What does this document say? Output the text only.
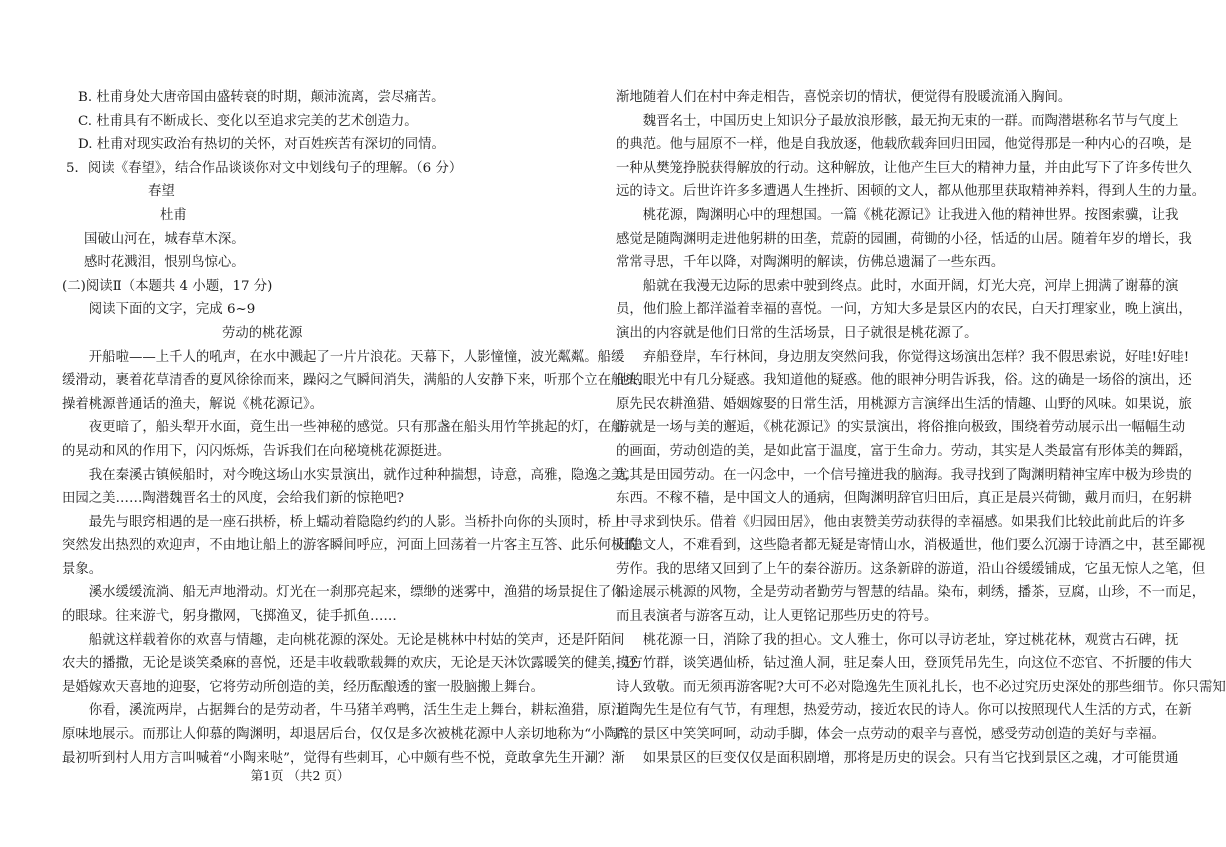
B. 杜甫身处大唐帝国由盛转衰的时期，颠沛流离，尝尽痛苦。
C. 杜甫具有不断成长、变化以至追求完美的艺术创造力。
D. 杜甫对现实政治有热切的关怀，对百姓疾苦有深切的同情。
5．阅读《春望》，结合作品谈谈你对文中划线句子的理解。（6 分）
春望
杜甫
国破山河在，城春草木深。
感时花溅泪，恨别鸟惊心。
(二)阅读Ⅱ（本题共 4 小题，17 分)
阅读下面的文字，完成 6~9
劳动的桃花源
开船啦——上千人的吼声，在水中溅起了一片片浪花。天幕下，人影憧憧，波光粼粼。船缓
缓滑动，裹着花草清香的夏风徐徐而来，躁闷之气瞬间消失，满船的人安静下来，听那个立在船头、
操着桃源普通话的渔夫，解说《桃花源记》。
夜更暗了，船头犁开水面，竟生出一些神秘的感觉。只有那盏在船头用竹竿挑起的灯，在船
的晃动和风的作用下，闪闪烁烁，告诉我们在向秘境桃花源挺进。
我在秦溪古镇候船时，对今晚这场山水实景演出，就作过种种揣想，诗意，高雅，隐逸之美，
田园之美……陶潜魏晋名士的风度，会给我们新的惊艳吧?
最先与眼窍相遇的是一座石拱桥，桥上蠕动着隐隐约约的人影。当桥扑向你的头顶时，桥上
突然发出热烈的欢迎声，不由地让船上的游客瞬间呼应，河面上回荡着一片客主互答、此乐何极的
景象。
溪水缓缓流淌、船无声地滑动。灯光在一刹那亮起来，缥缈的迷雾中，渔猎的场景捉住了你
的眼球。往来游弋，躬身撒网，飞掷渔叉，徒手抓鱼……
船就这样载着你的欢喜与情趣，走向桃花源的深处。无论是桃林中村姑的笑声，还是阡陌间
农夫的播撒，无论是谈笑桑麻的喜悦，还是丰收载歌载舞的欢庆，无论是天沐饮露暖笑的健美，还
是婚嫁欢天喜地的迎娶，它将劳动所创造的美，经历酝酿透的蜜一股脑搬上舞台。
你看，溪流两岸，占据舞台的是劳动者，牛马猪羊鸡鸭，活生生走上舞台，耕耘渔猎，原汁
原味地展示。而那让人仰慕的陶渊明，却退居后台，仅仅是多次被桃花源中人亲切地称为“小陶”。
最初听到村人用方言叫喊着“小陶来哒”，觉得有些刺耳，心中颇有些不悦，竟敢拿先生开涮？渐
渐地随着人们在村中奔走相告，喜悦亲切的情状，便觉得有股暖流涌入胸间。
魏晋名士，中国历史上知识分子最放浪形骸，最无拘无束的一群。而陶潜堪称名节与气度上
的典范。他与屈原不一样，他是自我放逐，他载欣载奔回归田园，他觉得那是一种内心的召唤，是
一种从樊笼挣脱获得解放的行动。这种解放，让他产生巨大的精神力量，并由此写下了许多传世久
远的诗文。后世许许多多遭遇人生挫折、困顿的文人，都从他那里获取精神养料，得到人生的力量。
桃花源，陶渊明心中的理想国。一篇《桃花源记》让我进入他的精神世界。按图索骥，让我
感觉是随陶渊明走进他躬耕的田垄，荒蔚的园圃，荷锄的小径，恬适的山居。随着年岁的增长，我
常常寻思，千年以降，对陶渊明的解读，仿佛总遗漏了一些东西。
船就在我漫无边际的思索中驶到终点。此时，水面开阔，灯光大亮，河岸上拥满了谢幕的演
员，他们脸上都洋溢着幸福的喜悦。一问，方知大多是景区内的农民，白天打理家业，晚上演出，
演出的内容就是他们日常的生活场景，日子就很是桃花源了。
弃船登岸，车行林间，身边朋友突然问我，你觉得这场演出怎样？我不假思索说，好哇!好哇!
他的眼光中有几分疑惑。我知道他的疑惑。他的眼神分明告诉我，俗。这的确是一场俗的演出，还
原先民农耕渔猎、婚姻嫁娶的日常生活，用桃源方言演绎出生活的情趣、山野的风味。如果说，旅
游就是一场与美的邂逅，《桃花源记》的实景演出，将俗推向极致，围绕着劳动展示出一幅幅生动
的画面，劳动创造的美，是如此富于温度，富于生命力。劳动，其实是人类最富有形体美的舞蹈，
尤其是田园劳动。在一闪念中，一个信号撞进我的脑海。我寻找到了陶渊明精神宝库中极为珍贵的
东西。不稼不穑，是中国文人的通病，但陶渊明辞官归田后，真正是晨兴荷锄，戴月而归，在躬耕
中寻求到快乐。借着《归园田居》，他由衷赞美劳动获得的幸福感。如果我们比较此前此后的许多
归隐文人，不难看到，这些隐者都无疑是寄情山水，消极遁世，他们要么沉溺于诗酒之中，甚至鄙视
劳作。我的思绪又回到了上午的秦谷游历。这条新辟的游道，沿山谷缓缓铺成，它虽无惊人之笔，但
沿途展示桃源的风物，全是劳动者勤劳与智慧的结晶。染布，刺绣，播茶，豆腐，山珍，不一而足，
而且表演者与游客互动，让人更铭记那些历史的符号。
桃花源一日，消除了我的担心。文人雅士，你可以寻访老址，穿过桃花林，观赏古石碑，抚
摸方竹群，谈笑遇仙桥，钻过渔人洞，驻足秦人田，登顶凭吊先生，向这位不恋官、不折腰的伟大
诗人致敬。而无须再游客呢?大可不必对隐逸先生顶礼扎长，也不必过究历史深处的那些细节。你只需知
道陶先生是位有气节，有理想，热爱劳动，接近农民的诗人。你可以按照现代人生活的方式，在新
辟的景区中笑笑呵呵，动动手脚，体会一点劳动的艰辛与喜悦，感受劳动创造的美好与幸福。
如果景区的巨变仅仅是面积剧增，那将是历史的误会。只有当它找到景区之魂，才可能贯通
第1页 （共2 页）
